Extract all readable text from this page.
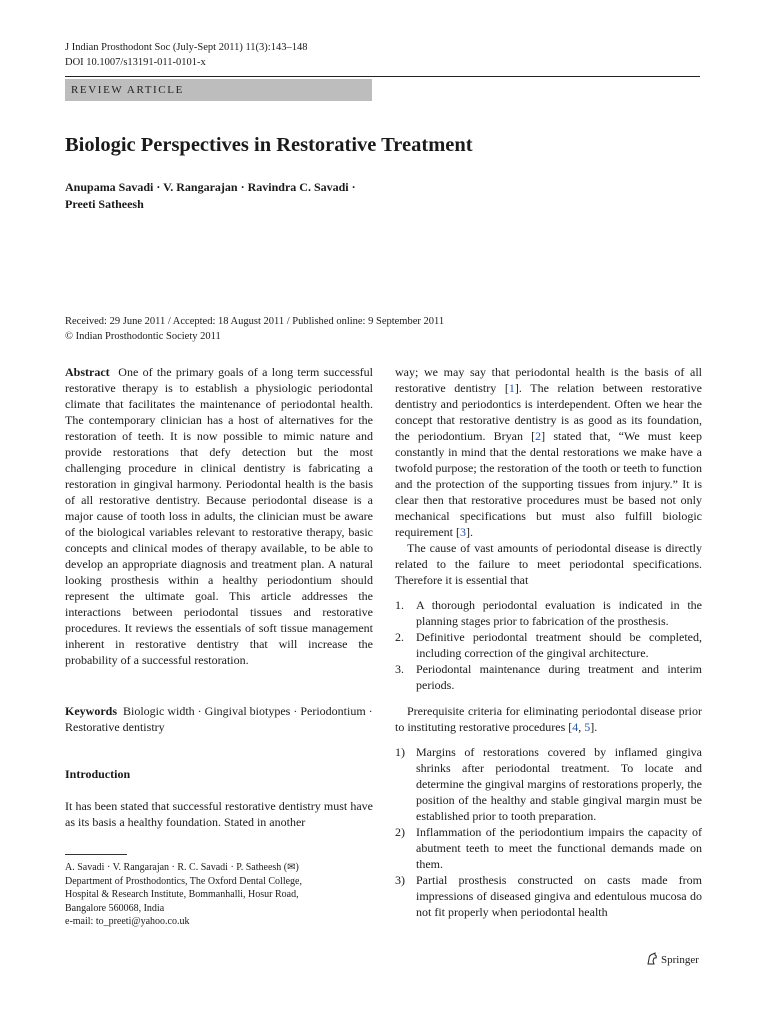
J Indian Prosthodont Soc (July-Sept 2011) 11(3):143–148
DOI 10.1007/s13191-011-0101-x
REVIEW ARTICLE
Biologic Perspectives in Restorative Treatment
Anupama Savadi · V. Rangarajan · Ravindra C. Savadi ·
Preeti Satheesh
Received: 29 June 2011 / Accepted: 18 August 2011 / Published online: 9 September 2011
© Indian Prosthodontic Society 2011

Abstract One of the primary goals of a long term successful restorative therapy is to establish a physiologic periodontal climate that facilitates the maintenance of periodontal health. The contemporary clinician has a host of alternatives for the restoration of teeth. It is now possible to mimic nature and provide restorations that defy detection but the most challenging procedure in clinical dentistry is fabricating a restoration in gingival harmony. Periodontal health is the basis of all restorative dentistry. Because periodontal disease is a major cause of tooth loss in adults, the clinician must be aware of the biological variables relevant to restorative therapy, basic concepts and clinical modes of therapy available, to be able to develop an appropriate diagnosis and treatment plan. A natural looking prosthesis within a healthy periodontium should represent the ultimate goal. This article addresses the interactions between periodontal tissues and restorative procedures. It reviews the essentials of soft tissue management inherent in restorative dentistry that will increase the probability of a successful restoration.

Keywords Biologic width · Gingival biotypes · Periodontium · Restorative dentistry

Introduction

It has been stated that successful restorative dentistry must have as its basis a healthy foundation. Stated in another

A. Savadi · V. Rangarajan · R. C. Savadi · P. Satheesh (✉)
Department of Prosthodontics, The Oxford Dental College,
Hospital & Research Institute, Bommanhalli, Hosur Road,
Bangalore 560068, India
e-mail: to_preeti@yahoo.co.uk

way; we may say that periodontal health is the basis of all restorative dentistry [1]. The relation between restorative dentistry and periodontics is interdependent. Often we hear the concept that restorative dentistry is as good as its foundation, the periodontium. Bryan [2] stated that, “We must keep constantly in mind that the dental restorations we make have a twofold purpose; the restoration of the tooth or teeth to function and the protection of the supporting tissues from injury.” It is clear then that restorative procedures must be based not only mechanical specifications but must also fulfill biologic requirement [3].

The cause of vast amounts of periodontal disease is directly related to the failure to meet periodontal specifications. Therefore it is essential that

1. A thorough periodontal evaluation is indicated in the planning stages prior to fabrication of the prosthesis.
2. Definitive periodontal treatment should be completed, including correction of the gingival architecture.
3. Periodontal maintenance during treatment and interim periods.

Prerequisite criteria for eliminating periodontal disease prior to instituting restorative procedures [4, 5].

1) Margins of restorations covered by inflamed gingiva shrinks after periodontal treatment. To locate and determine the gingival margins of restorations properly, the position of the healthy and stable gingival margin must be established prior to tooth preparation.
2) Inflammation of the periodontium impairs the capacity of abutment teeth to meet the functional demands made on them.
3) Partial prosthesis constructed on casts made from impressions of diseased gingiva and edentulous mucosa do not fit properly when periodontal health
Springer
